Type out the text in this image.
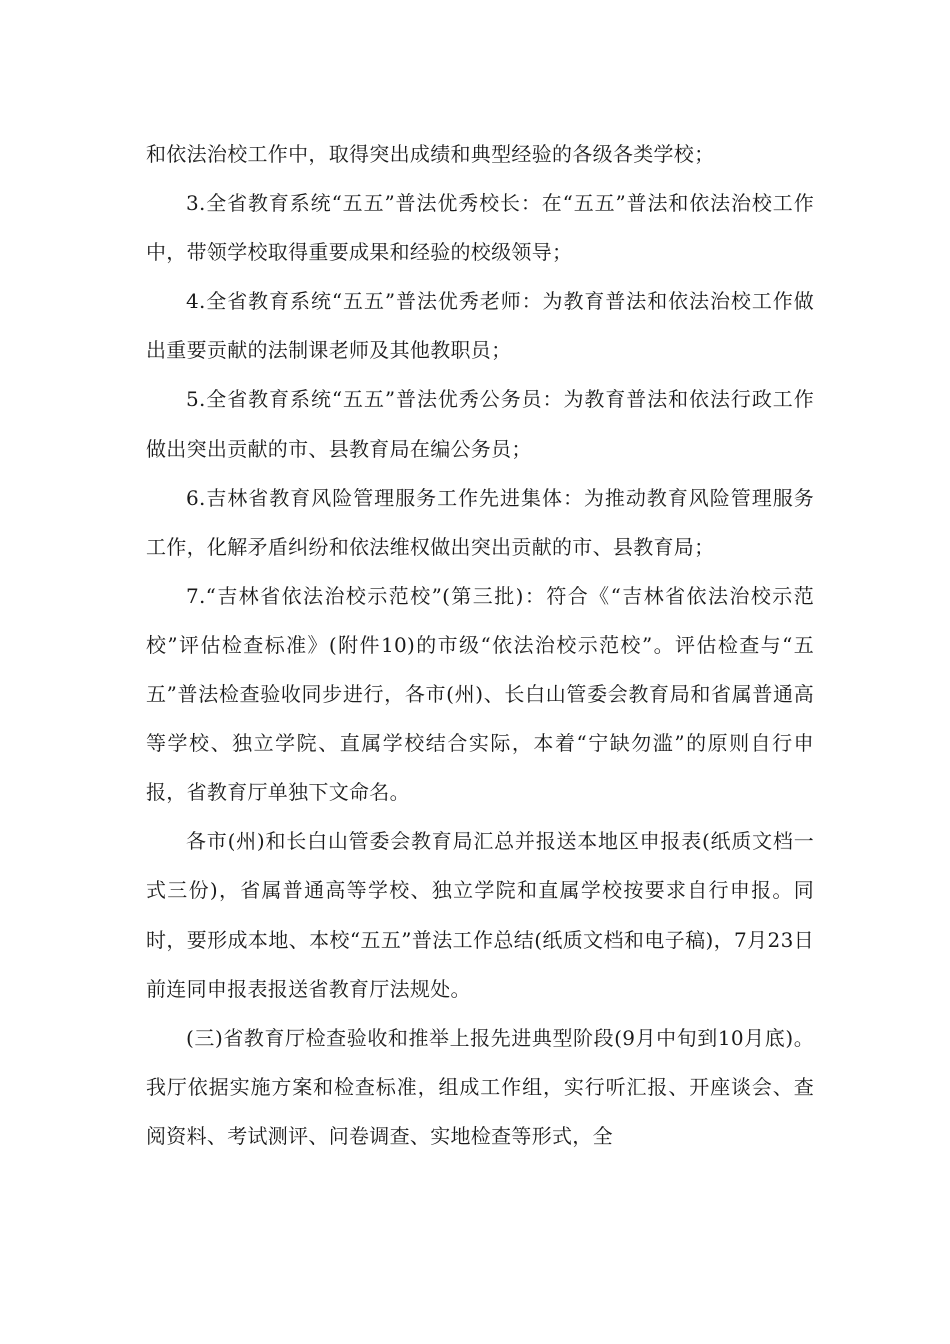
和依法治校工作中，取得突出成绩和典型经验的各级各类学校；

3.全省教育系统“五五”普法优秀校长：在“五五”普法和依法治校工作中，带领学校取得重要成果和经验的校级领导；

4.全省教育系统“五五”普法优秀老师：为教育普法和依法治校工作做出重要贡献的法制课老师及其他教职员；

5.全省教育系统“五五”普法优秀公务员：为教育普法和依法行政工作做出突出贡献的市、县教育局在编公务员；

6.吉林省教育风险管理服务工作先进集体：为推动教育风险管理服务工作，化解矛盾纠纷和依法维权做出突出贡献的市、县教育局；

7.“吉林省依法治校示范校”(第三批)：符合《“吉林省依法治校示范校”评估检查标准》(附件10)的市级“依法治校示范校”。评估检查与“五五”普法检查验收同步进行，各市(州)、长白山管委会教育局和省属普通高等学校、独立学院、直属学校结合实际，本着“宁缺勿滥”的原则自行申报，省教育厅单独下文命名。

各市(州)和长白山管委会教育局汇总并报送本地区申报表(纸质文档一式三份)，省属普通高等学校、独立学院和直属学校按要求自行申报。同时，要形成本地、本校“五五”普法工作总结(纸质文档和电子稿)，7月23日前连同申报表报送省教育厅法规处。

(三)省教育厅检查验收和推举上报先进典型阶段(9月中旬到10月底)。我厅依据实施方案和检查标准，组成工作组，实行听汇报、开座谈会、查阅资料、考试测评、问卷调查、实地检查等形式，全
